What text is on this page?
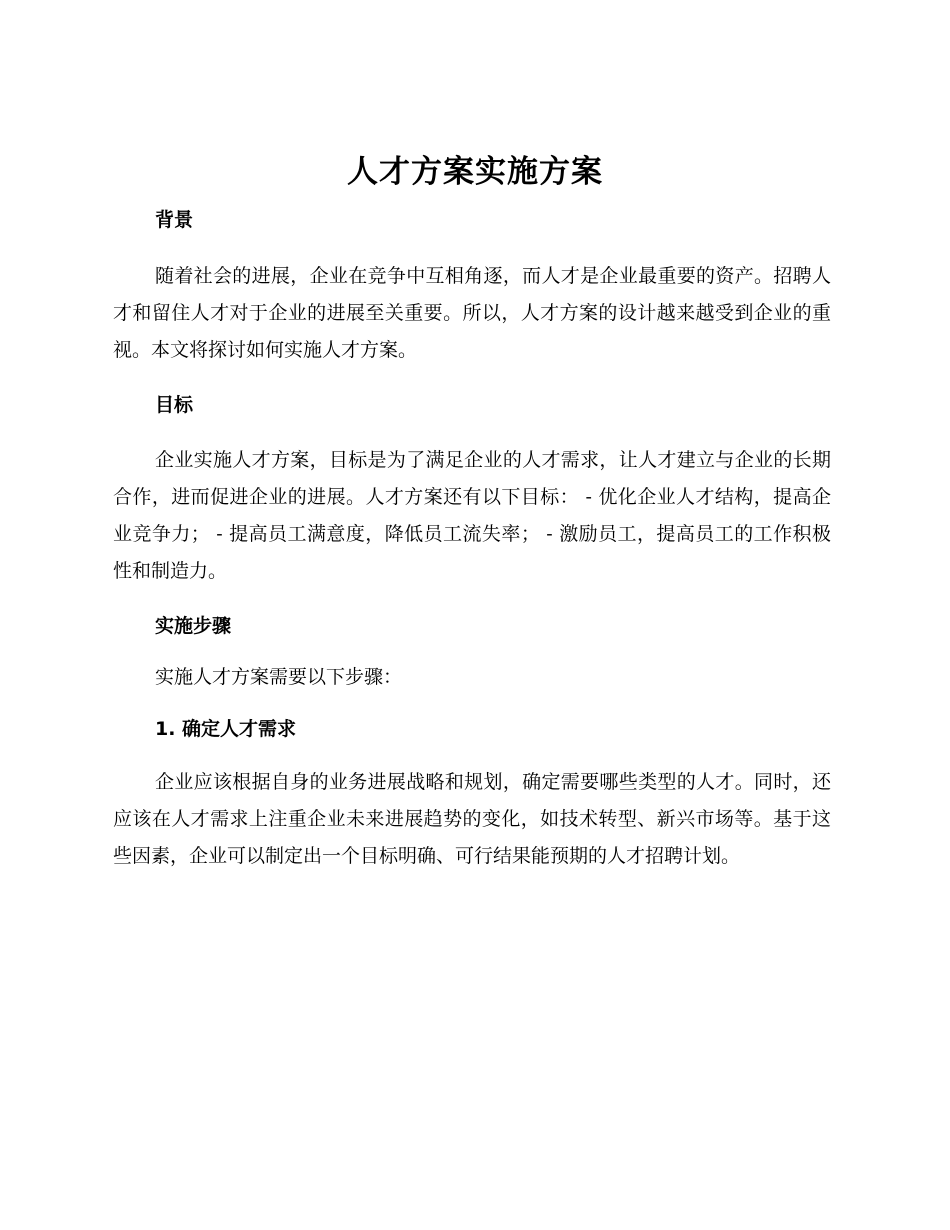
人才方案实施方案
背景

随着社会的进展，企业在竞争中互相角逐，而人才是企业最重要的资产。招聘人才和留住人才对于企业的进展至关重要。所以，人才方案的设计越来越受到企业的重视。本文将探讨如何实施人才方案。

目标

企业实施人才方案，目标是为了满足企业的人才需求，让人才建立与企业的长期合作，进而促进企业的进展。人才方案还有以下目标： - 优化企业人才结构，提高企业竞争力； - 提高员工满意度，降低员工流失率； - 激励员工，提高员工的工作积极性和制造力。

实施步骤

实施人才方案需要以下步骤：

1. 确定人才需求

企业应该根据自身的业务进展战略和规划，确定需要哪些类型的人才。同时，还应该在人才需求上注重企业未来进展趋势的变化，如技术转型、新兴市场等。基于这些因素，企业可以制定出一个目标明确、可行结果能预期的人才招聘计划。
